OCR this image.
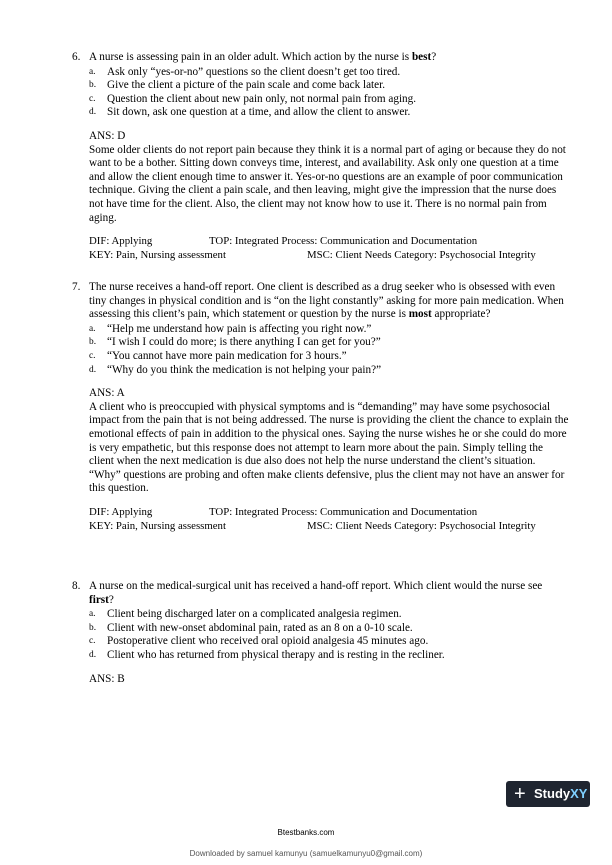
6. A nurse is assessing pain in an older adult. Which action by the nurse is best?

a. Ask only “yes-or-no” questions so the client doesn’t get too tired.
b. Give the client a picture of the pain scale and come back later.
c. Question the client about new pain only, not normal pain from aging.
d. Sit down, ask one question at a time, and allow the client to answer.
ANS: D

Some older clients do not report pain because they think it is a normal part of aging or because they do not want to be a bother. Sitting down conveys time, interest, and availability. Ask only one question at a time and allow the client enough time to answer it. Yes-or-no questions are an example of poor communication technique. Giving the client a pain scale, and then leaving, might give the impression that the nurse does not have time for the client. Also, the client may not know how to use it. There is no normal pain from aging.

DIF: Applying	TOP: Integrated Process: Communication and Documentation
KEY: Pain, Nursing assessment	MSC: Client Needs Category: Psychosocial Integrity
7. The nurse receives a hand-off report. One client is described as a drug seeker who is obsessed with even tiny changes in physical condition and is “on the light constantly” asking for more pain medication. When assessing this client’s pain, which statement or question by the nurse is most appropriate?

a. “Help me understand how pain is affecting you right now.”
b. “I wish I could do more; is there anything I can get for you?”
c. “You cannot have more pain medication for 3 hours.”
d. “Why do you think the medication is not helping your pain?”
ANS: A

A client who is preoccupied with physical symptoms and is “demanding” may have some psychosocial impact from the pain that is not being addressed. The nurse is providing the client the chance to explain the emotional effects of pain in addition to the physical ones. Saying the nurse wishes he or she could do more is very empathetic, but this response does not attempt to learn more about the pain. Simply telling the client when the next medication is due also does not help the nurse understand the client’s situation. “Why” questions are probing and often make clients defensive, plus the client may not have an answer for this question.

DIF: Applying	TOP: Integrated Process: Communication and Documentation
KEY: Pain, Nursing assessment	MSC: Client Needs Category: Psychosocial Integrity
8. A nurse on the medical-surgical unit has received a hand-off report. Which client would the nurse see first?

a. Client being discharged later on a complicated analgesia regimen.
b. Client with new-onset abdominal pain, rated as an 8 on a 0-10 scale.
c. Postoperative client who received oral opioid analgesia 45 minutes ago.
d. Client who has returned from physical therapy and is resting in the recliner.
ANS: B
+ StudyXY
Btestbanks.com
Downloaded by samuel kamunyu (samuelkamunyu0@gmail.com)
